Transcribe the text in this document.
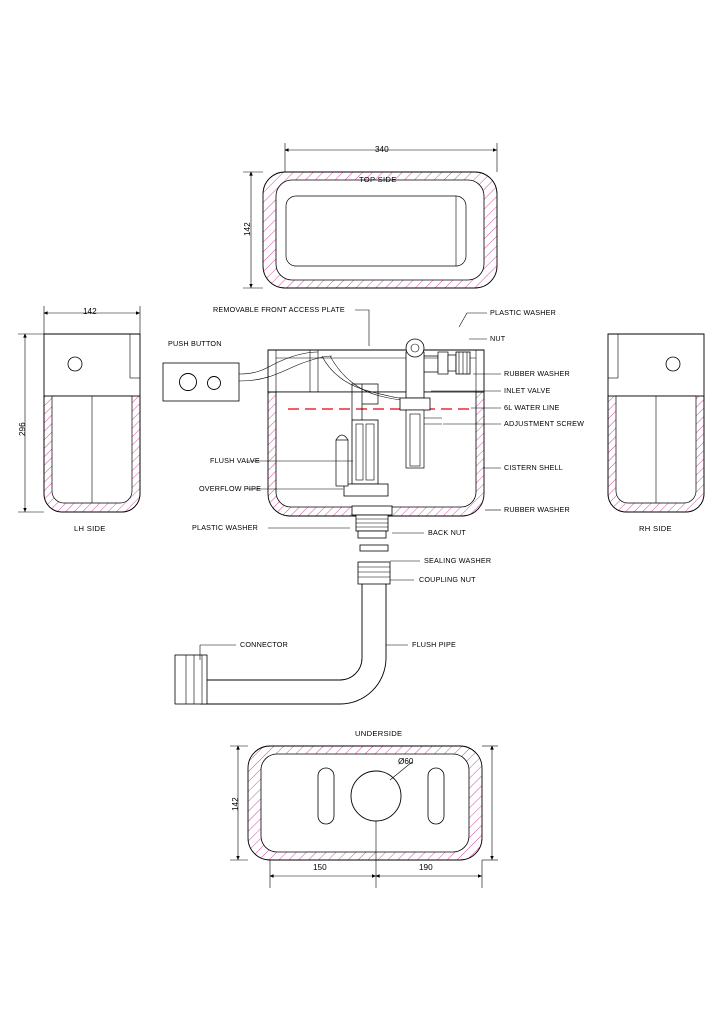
340
142
TOP SIDE
142
296
LH SIDE	RH SIDE
REMOVABLE FRONT ACCESS PLATE
PUSH BUTTON
PLASTIC WASHER
NUT
RUBBER WASHER
INLET VALVE
6L WATER LINE
ADJUSTMENT SCREW
CISTERN SHELL
RUBBER WASHER
FLUSH VALVE
OVERFLOW PIPE
PLASTIC WASHER
BACK NUT
SEALING WASHER
COUPLING NUT
CONNECTOR	FLUSH PIPE
UNDERSIDE
142
150	190
Ø60
